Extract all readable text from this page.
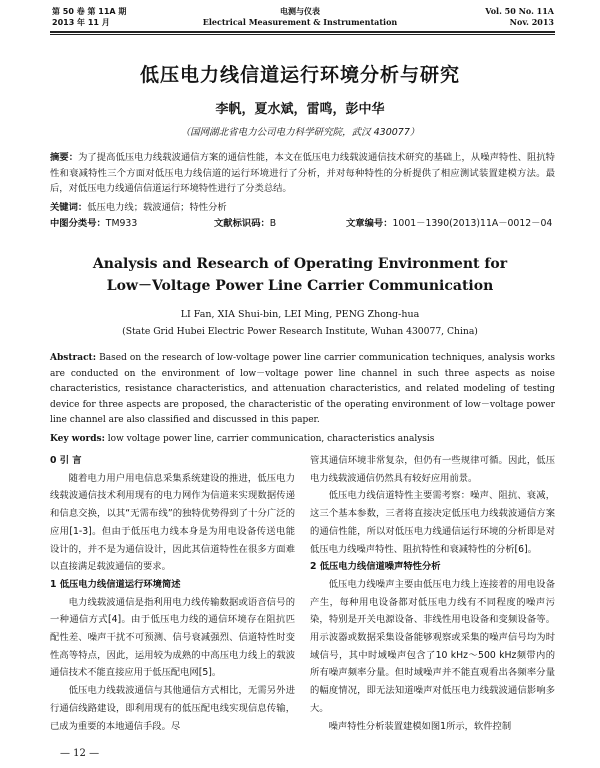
第 50 卷 第 11A 期
2013 年 11 月
电测与仪表
Electrical Measurement & Instrumentation
Vol. 50 No. 11A
Nov. 2013
低压电力线信道运行环境分析与研究
李帆，夏水斌，雷鸣，彭中华
（国网湖北省电力公司电力科学研究院，武汉 430077）
摘要：为了提高低压电力线载波通信方案的通信性能，本文在低压电力线载波通信技术研究的基础上，从噪声特性、阻抗特性和衰减特性三个方面对低压电力线信道的运行环境进行了分析，并对每种特性的分析提供了相应测试装置建模方法。最后，对低压电力线通信信道运行环境特性进行了分类总结。
关键词：低压电力线；载波通信；特性分析
中图分类号：TM933	文献标识码：B	文章编号：1001－1390(2013)11A－0012－04
Analysis and Research of Operating Environment for
Low－Voltage Power Line Carrier Communication
LI Fan, XIA Shui-bin, LEI Ming, PENG Zhong-hua
(State Grid Hubei Electric Power Research Institute, Wuhan 430077, China)
Abstract: Based on the research of low-voltage power line carrier communication techniques, analysis works are conducted on the environment of low－voltage power line channel in such three aspects as noise characteristics, resistance characteristics, and attenuation characteristics, and related modeling of testing device for three aspects are proposed, the characteristic of the operating environment of low－voltage power line channel are also classified and discussed in this paper.
Key words: low voltage power line, carrier communication, characteristics analysis

0 引 言

随着电力用户用电信息采集系统建设的推进，低压电力线载波通信技术利用现有的电力网作为信道来实现数据传递和信息交换，以其“无需布线”的独特优势得到了十分广泛的应用[1-3]。但由于低压电力线本身是为用电设备传送电能设计的，并不是为通信设计，因此其信道特性在很多方面难以直接满足载波通信的要求。

1 低压电力线信道运行环境简述

电力线载波通信是指利用电力线传输数据或语音信号的一种通信方式[4]。由于低压电力线的通信环境存在阻抗匹配性差、噪声干扰不可预测、信号衰减强烈、信道特性时变性高等特点，因此，运用较为成熟的中高压电力线上的载波通信技术不能直接应用于低压配电网[5]。

低压电力线载波通信与其他通信方式相比，无需另外进行通信线路建设，即利用现有的低压配电线实现信息传输，已成为重要的本地通信手段。尽

管其通信环境非常复杂，但仍有一些规律可循。因此，低压电力线载波通信仍然具有较好应用前景。

低压电力线信道特性主要需考察：噪声、阻抗、衰减，这三个基本参数，三者将直接决定低压电力线载波通信方案的通信性能，所以对低压电力线通信运行环境的分析即是对低压电力线噪声特性、阻抗特性和衰减特性的分析[6]。

2 低压电力线信道噪声特性分析

低压电力线噪声主要由低压电力线上连接着的用电设备产生，每种用电设备都对低压电力线有不同程度的噪声污染，特别是开关电源设备、非线性用电设备和变频设备等。用示波器或数据采集设备能够观察或采集的噪声信号均为时域信号，其中时域噪声包含了10 kHz～500 kHz频带内的所有噪声频率分量。但时域噪声并不能直观看出各频率分量的幅度情况，即无法知道噪声对低压电力线载波通信影响多大。

噪声特性分析装置建模如图1所示，软件控制

— 12 —
